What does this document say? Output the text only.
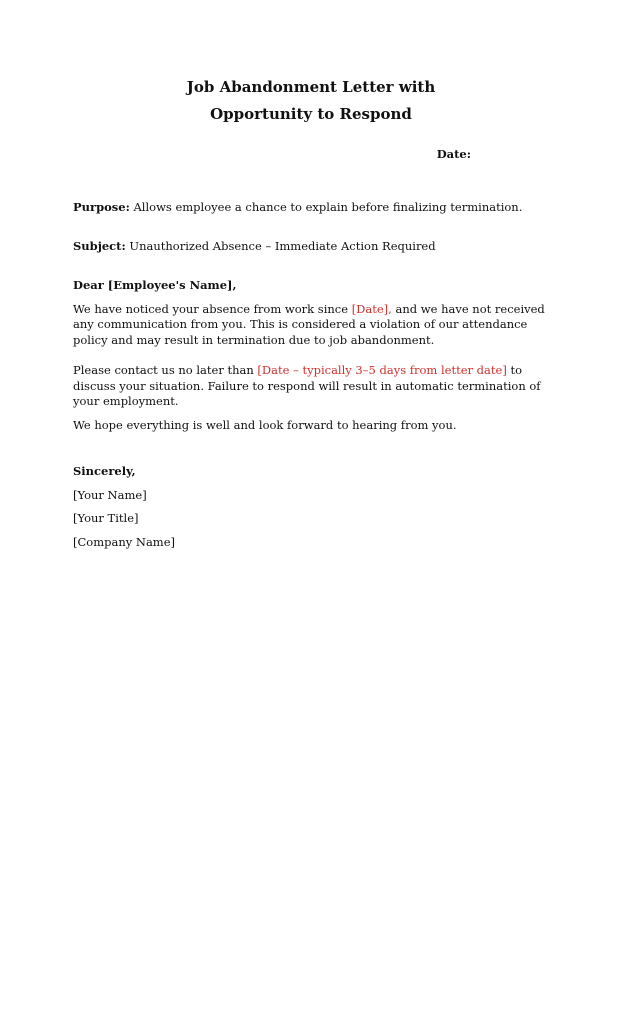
Job Abandonment Letter with
Opportunity to Respond

Date:

Purpose: Allows employee a chance to explain before finalizing termination.

Subject: Unauthorized Absence – Immediate Action Required

Dear [Employee's Name],

We have noticed your absence from work since [Date], and we have not received any communication from you. This is considered a violation of our attendance policy and may result in termination due to job abandonment.

Please contact us no later than [Date – typically 3–5 days from letter date] to discuss your situation. Failure to respond will result in automatic termination of your employment.

We hope everything is well and look forward to hearing from you.

Sincerely,

[Your Name]

[Your Title]

[Company Name]
